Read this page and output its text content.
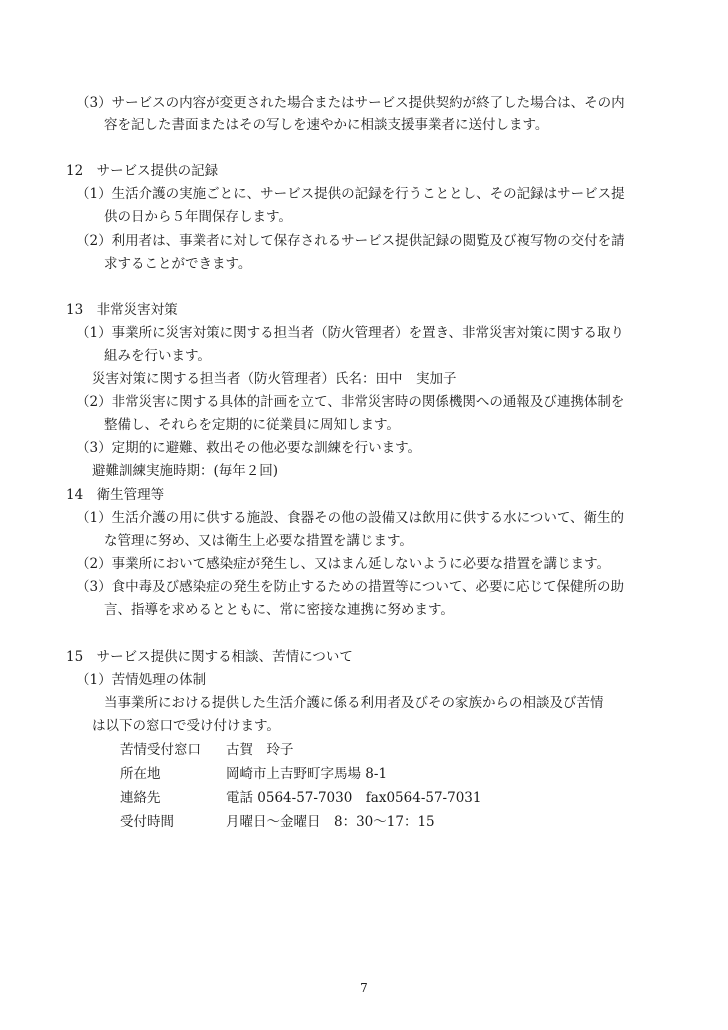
（3）サービスの内容が変更された場合またはサービス提供契約が終了した場合は、その内
容を記した書面またはその写しを速やかに相談支援事業者に送付します。
12　サービス提供の記録
（1）生活介護の実施ごとに、サービス提供の記録を行うこととし、その記録はサービス提
供の日から５年間保存します。
（2）利用者は、事業者に対して保存されるサービス提供記録の閲覧及び複写物の交付を請
求することができます。
13　非常災害対策
（1）事業所に災害対策に関する担当者（防火管理者）を置き、非常災害対策に関する取り
組みを行います。
災害対策に関する担当者（防火管理者）氏名：田中　実加子
（2）非常災害に関する具体的計画を立て、非常災害時の関係機関への通報及び連携体制を
整備し、それらを定期的に従業員に周知します。
（3）定期的に避難、救出その他必要な訓練を行います。
避難訓練実施時期：(毎年２回)
14　衛生管理等
（1）生活介護の用に供する施設、食器その他の設備又は飲用に供する水について、衛生的
な管理に努め、又は衛生上必要な措置を講じます。
（2）事業所において感染症が発生し、又はまん延しないように必要な措置を講じます。
（3）食中毒及び感染症の発生を防止するための措置等について、必要に応じて保健所の助
言、指導を求めるとともに、常に密接な連携に努めます。
15　サービス提供に関する相談、苦情について
（1）苦情処理の体制
当事業所における提供した生活介護に係る利用者及びその家族からの相談及び苦情
は以下の窓口で受け付けます。
苦情受付窓口 古賀　玲子
所在地	岡崎市上吉野町字馬場 8-1
連絡先	電話 0564-57-7030　fax0564-57-7031
受付時間	月曜日～金曜日　8：30～17：15
7
